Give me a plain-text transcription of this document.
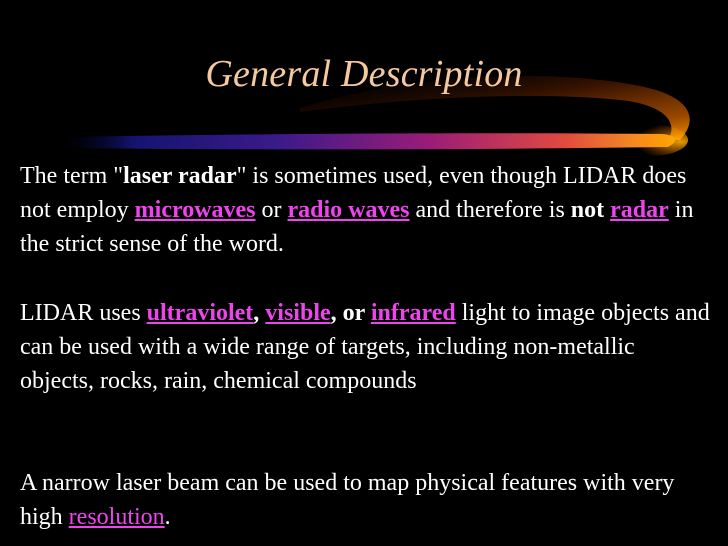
General Description

The term "laser radar" is sometimes used, even though LIDAR does not employ microwaves or radio waves and therefore is not radar in the strict sense of the word.

LIDAR uses ultraviolet, visible, or infrared light to image objects and can be used with a wide range of targets, including non-metallic objects, rocks, rain, chemical compounds

A narrow laser beam can be used to map physical features with very high resolution.
